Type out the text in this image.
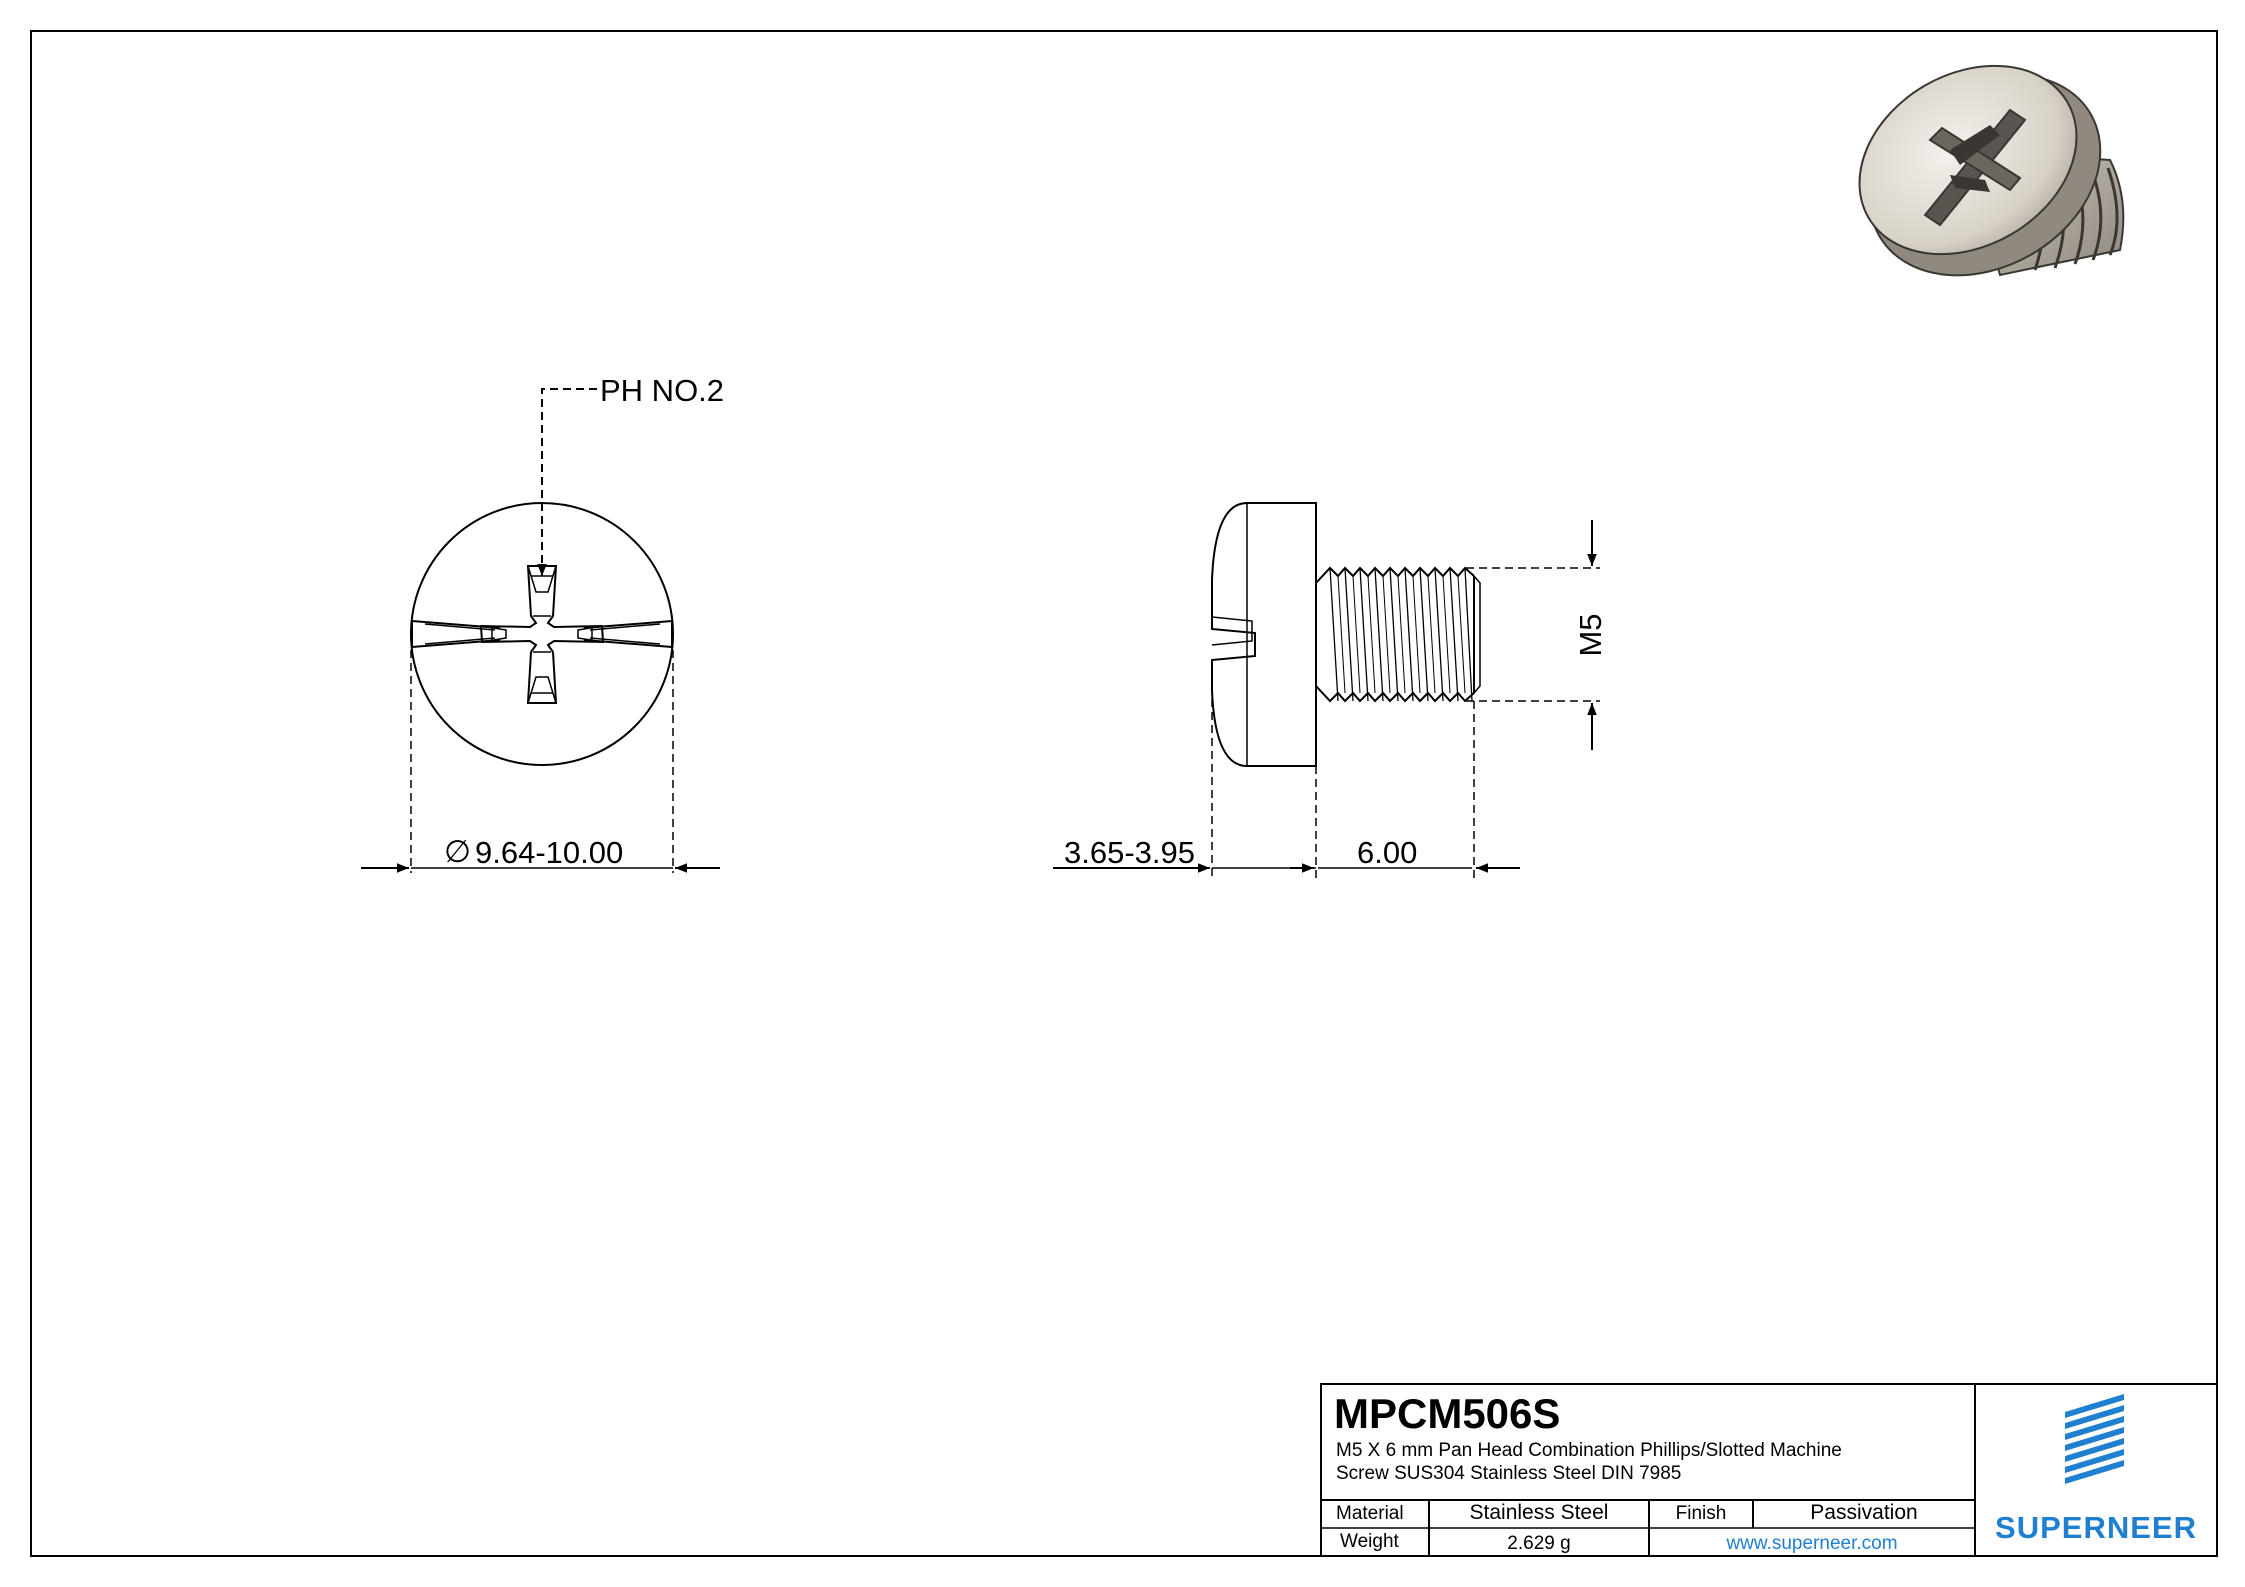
PH NO.2
∅ 9.64-10.00	3.65-3.95	6.00
M5
MPCM506S
M5 X 6 mm Pan Head Combination Phillips/Slotted Machine
Screw SUS304 Stainless Steel DIN 7985
Material	Stainless Steel	Finish	Passivation
Weight	2.629 g	www.superneer.com	SUPERNEER
